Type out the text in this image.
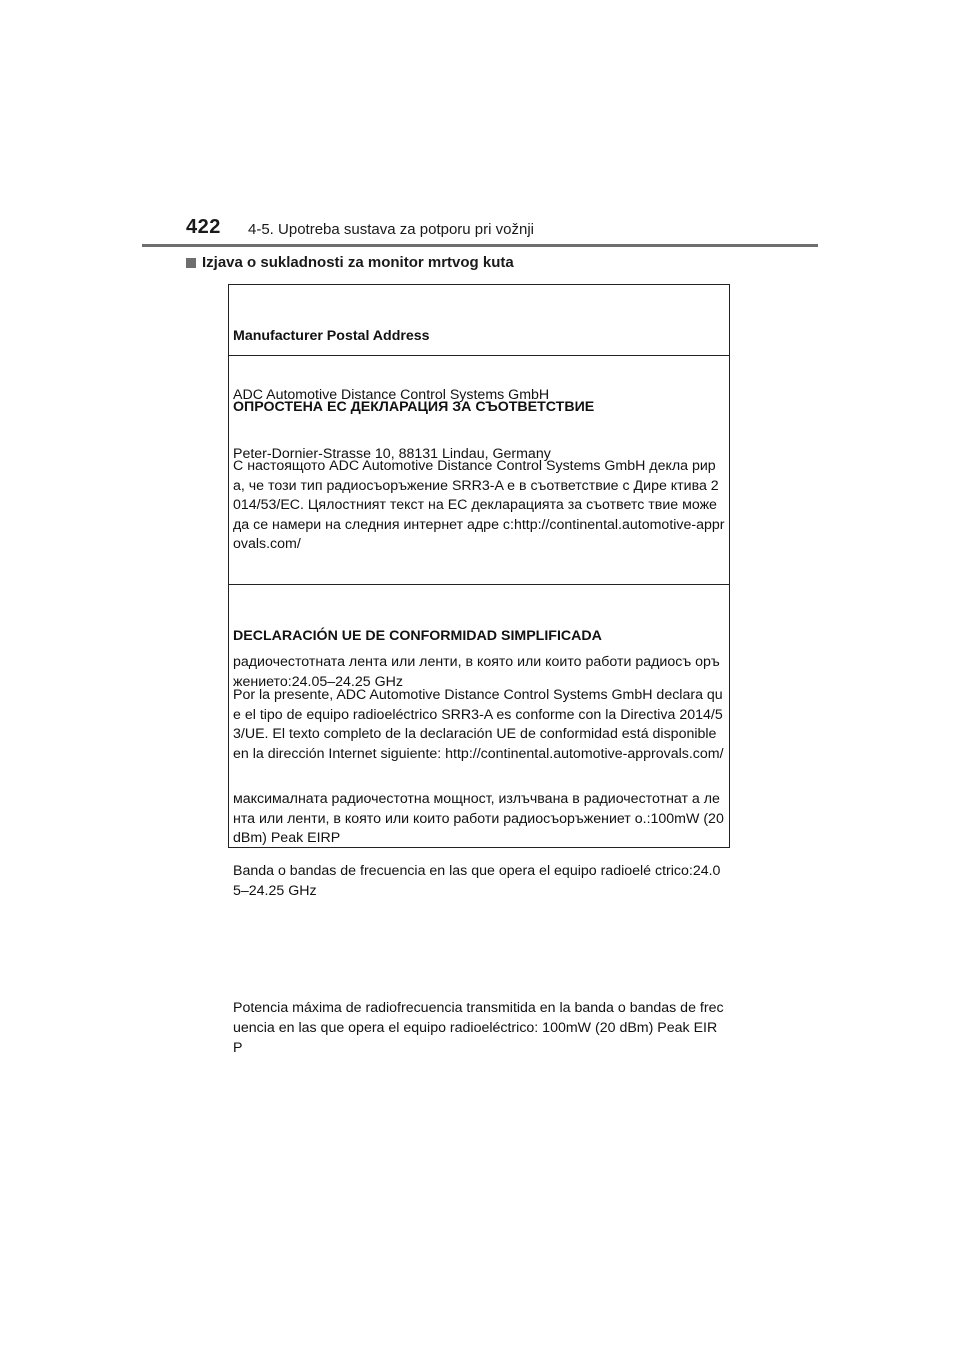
422 4-5. Upotreba sustava za potporu pri vožnji
Izjava o sukladnosti za monitor mrtvog kuta

Manufacturer Postal Address

ADC Automotive Distance Control Systems GmbH

Peter-Dornier-Strasse 10, 88131 Lindau, Germany

ОПРОСТЕНА ЕС ДЕКЛАРАЦИЯ ЗА СЪОТВЕТСТВИЕ

С настоящото ADC Automotive Distance Control Systems GmbH декла рира, че този тип радиосъоръжение SRR3-A е в съответствие с Дире ктива 2014/53/ЕС. Цялостният текст на ЕС декларацията за съответс твие може да се намери на следния интернет адре с:http://continental.automotive-approvals.com/

радиочестотната лента или ленти, в която или които работи радиосъ оръжението:24.05–24.25 GHz

максималната радиочестотна мощност, излъчвана в радиочестотнат а лента или ленти, в която или които работи радиосъоръжениет о.:100mW (20 dBm) Peak EIRP

DECLARACIÓN UE DE CONFORMIDAD SIMPLIFICADA

Por la presente, ADC Automotive Distance Control Systems GmbH declara que el tipo de equipo radioeléctrico SRR3-A es conforme con la Directiva 2014/53/UE. El texto completo de la declaración UE de conformidad está disponible en la dirección Internet siguiente: http://continental.automotive-approvals.com/

Banda o bandas de frecuencia en las que opera el equipo radioelé ctrico:24.05–24.25 GHz

Potencia máxima de radiofrecuencia transmitida en la banda o bandas de frecuencia en las que opera el equipo radioeléctrico: 100mW (20 dBm) Peak EIRP
